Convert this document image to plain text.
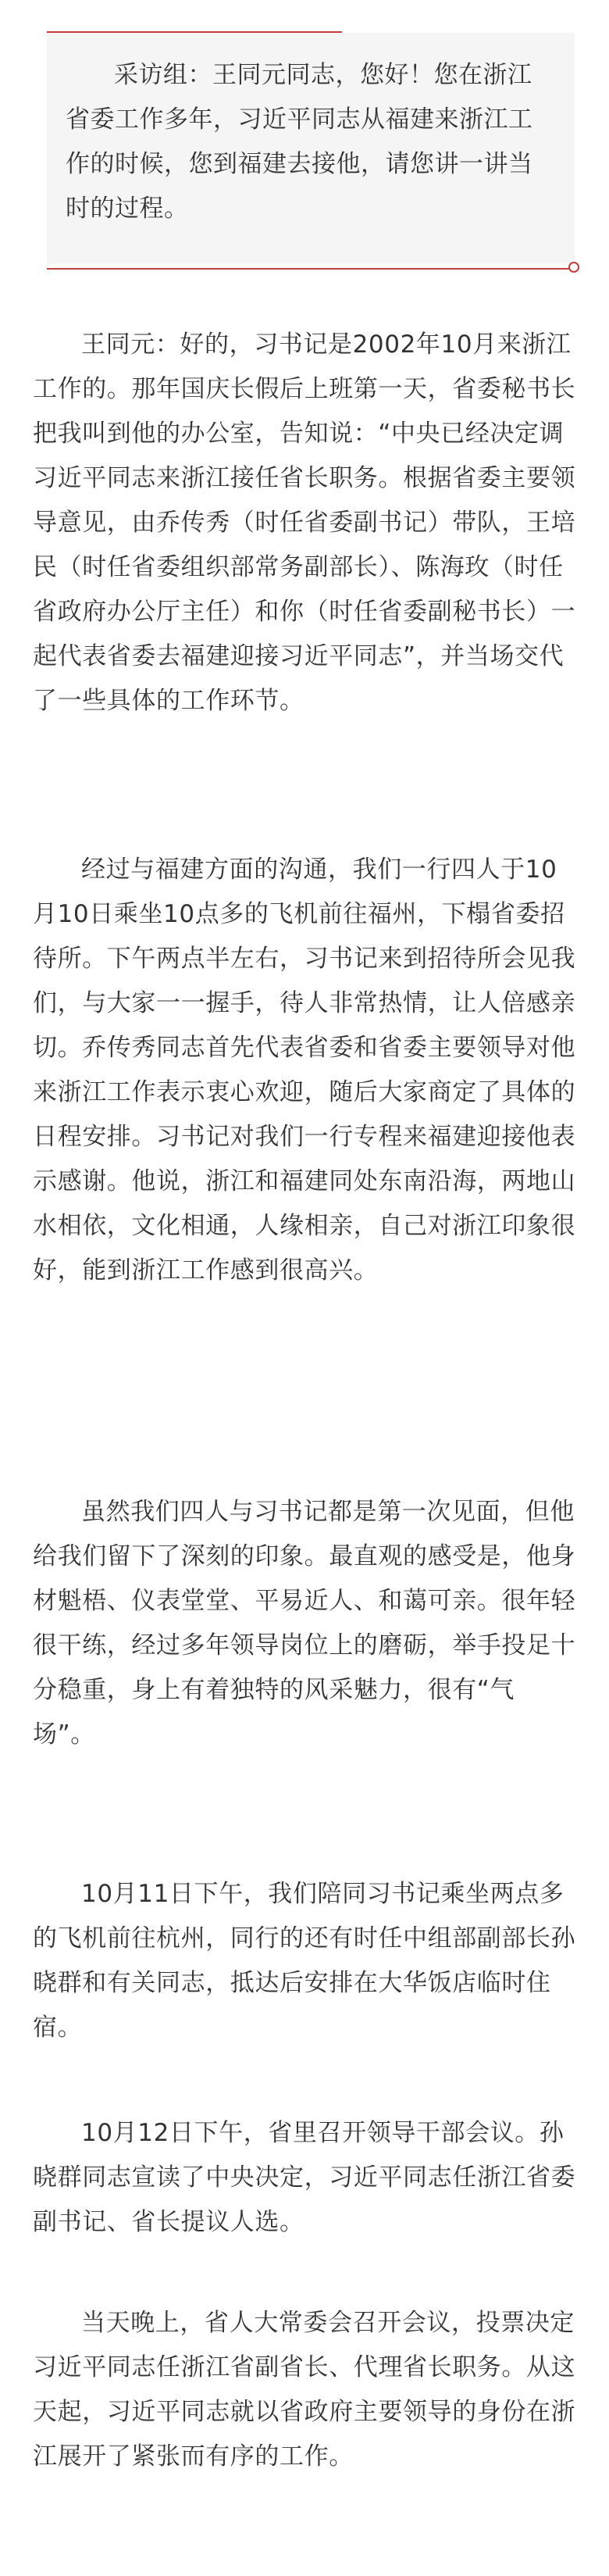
采访组：王同元同志，您好！您在浙江省委工作多年，习近平同志从福建来浙江工作的时候，您到福建去接他，请您讲一讲当时的过程。

王同元：好的，习书记是2002年10月来浙江工作的。那年国庆长假后上班第一天，省委秘书长把我叫到他的办公室，告知说：“中央已经决定调习近平同志来浙江接任省长职务。根据省委主要领导意见，由乔传秀（时任省委副书记）带队，王培民（时任省委组织部常务副部长）、陈海玫（时任省政府办公厅主任）和你（时任省委副秘书长）一起代表省委去福建迎接习近平同志”，并当场交代了一些具体的工作环节。

经过与福建方面的沟通，我们一行四人于10月10日乘坐10点多的飞机前往福州，下榻省委招待所。下午两点半左右，习书记来到招待所会见我们，与大家一一握手，待人非常热情，让人倍感亲切。乔传秀同志首先代表省委和省委主要领导对他来浙江工作表示衷心欢迎，随后大家商定了具体的日程安排。习书记对我们一行专程来福建迎接他表示感谢。他说，浙江和福建同处东南沿海，两地山水相依，文化相通，人缘相亲，自己对浙江印象很好，能到浙江工作感到很高兴。

虽然我们四人与习书记都是第一次见面，但他给我们留下了深刻的印象。最直观的感受是，他身材魁梧、仪表堂堂、平易近人、和蔼可亲。很年轻很干练，经过多年领导岗位上的磨砺，举手投足十分稳重，身上有着独特的风采魅力，很有“气场”。

10月11日下午，我们陪同习书记乘坐两点多的飞机前往杭州，同行的还有时任中组部副部长孙晓群和有关同志，抵达后安排在大华饭店临时住宿。

10月12日下午，省里召开领导干部会议。孙晓群同志宣读了中央决定，习近平同志任浙江省委副书记、省长提议人选。

当天晚上，省人大常委会召开会议，投票决定习近平同志任浙江省副省长、代理省长职务。从这天起，习近平同志就以省政府主要领导的身份在浙江展开了紧张而有序的工作。
